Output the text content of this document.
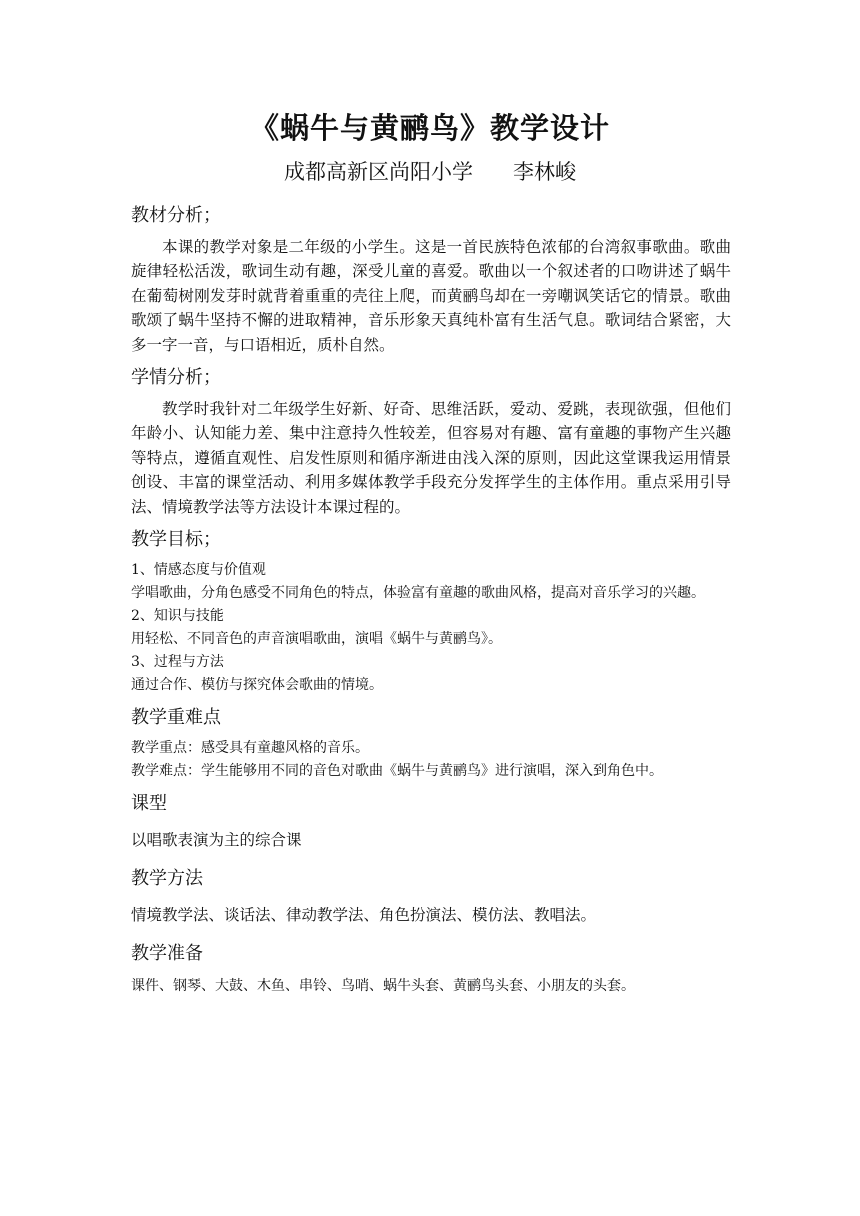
《蜗牛与黄鹂鸟》教学设计

成都高新区尚阳小学      李林峻

教材分析；

本课的教学对象是二年级的小学生。这是一首民族特色浓郁的台湾叙事歌曲。歌曲旋律轻松活泼，歌词生动有趣，深受儿童的喜爱。歌曲以一个叙述者的口吻讲述了蜗牛在葡萄树刚发芽时就背着重重的壳往上爬，而黄鹂鸟却在一旁嘲讽笑话它的情景。歌曲歌颂了蜗牛坚持不懈的进取精神，音乐形象天真纯朴富有生活气息。歌词结合紧密，大多一字一音，与口语相近，质朴自然。

学情分析；

教学时我针对二年级学生好新、好奇、思维活跃，爱动、爱跳，表现欲强，但他们年龄小、认知能力差、集中注意持久性较差，但容易对有趣、富有童趣的事物产生兴趣等特点，遵循直观性、启发性原则和循序渐进由浅入深的原则，因此这堂课我运用情景创设、丰富的课堂活动、利用多媒体教学手段充分发挥学生的主体作用。重点采用引导法、情境教学法等方法设计本课过程的。

教学目标；

1、情感态度与价值观

学唱歌曲，分角色感受不同角色的特点，体验富有童趣的歌曲风格，提高对音乐学习的兴趣。

2、知识与技能

用轻松、不同音色的声音演唱歌曲，演唱《蜗牛与黄鹂鸟》。

3、过程与方法

通过合作、模仿与探究体会歌曲的情境。

教学重难点

教学重点：感受具有童趣风格的音乐。

教学难点：学生能够用不同的音色对歌曲《蜗牛与黄鹂鸟》进行演唱，深入到角色中。

课型

以唱歌表演为主的综合课

教学方法

情境教学法、谈话法、律动教学法、角色扮演法、模仿法、教唱法。

教学准备

课件、钢琴、大鼓、木鱼、串铃、鸟哨、蜗牛头套、黄鹂鸟头套、小朋友的头套。
